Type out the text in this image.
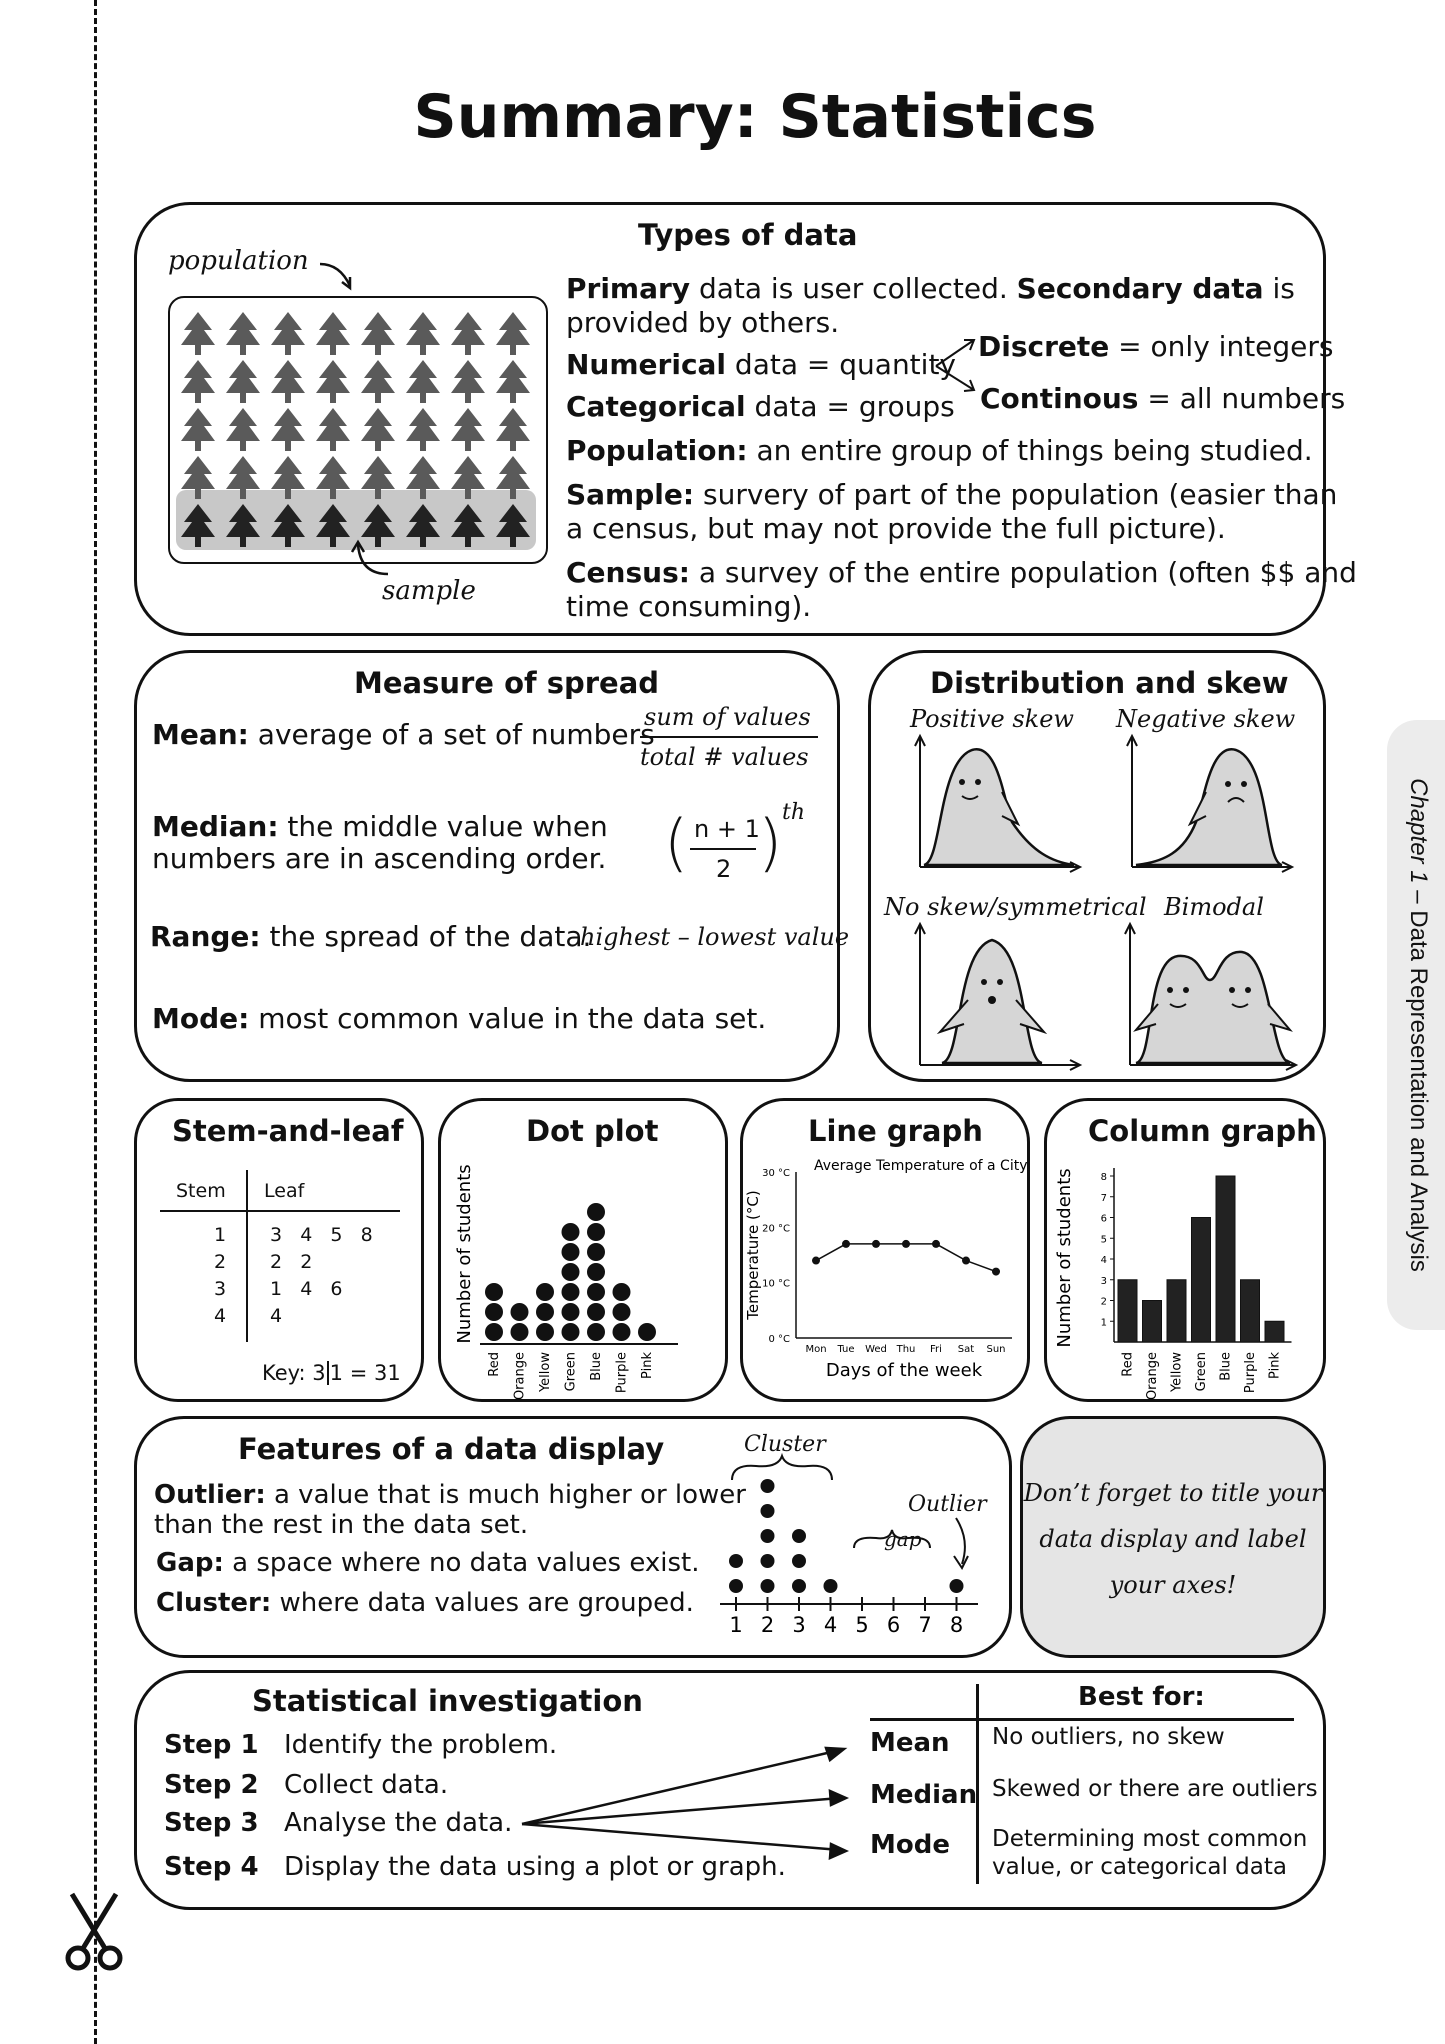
Summary: Statistics
Chapter 1 – Data Representation and Analysis
Types of data
population
sample
Primary data is user collected. Secondary data is
provided by others.
Numerical data = quantity
Categorical data = groups
Discrete = only integers
Continous = all numbers
Population: an entire group of things being studied.
Sample: survery of part of the population (easier than
a census, but may not provide the full picture).
Census: a survey of the entire population (often $$ and
time consuming).
Measure of spread
Mean: average of a set of numbers
sum of values
total # values
Median: the middle value when
numbers are in ascending order. ( n + 1
2 ) th
Range: the spread of the data.
highest – lowest value
Mode: most common value in the data set.
Distribution and skew
Positive skew Negative skew
No skew/symmetrical Bimodal
Stem-and-leaf
Stem Leaf
1 3   4   5   8
2 2   2
3 1   4   6
4 4
Key: 3 1 = 31
Dot plot
Number of students
Red Orange Yellow Green Blue Purple Pink
Line graph
Temperature (°C)
Average Temperature of a City
0 °C
10 °C
20 °C
30 °C
Mon Tue Wed Thu Fri Sat Sun
Days of the week
Column graph
Number of students	1
2
3
4
5
6
7
8
Red Orange Yellow Green Blue Purple Pink
Features of a data display
Outlier: a value that is much higher or lower
than the rest in the data set.
Gap: a space where no data values exist.
Cluster: where data values are grouped.
Cluster
gap
Outlier
1 2 3 4 5 6 7 8
Don’t forget to title your
data display and label
your axes!
Statistical investigation
Step 1 Identify the problem.
Step 2 Collect data.
Step 3 Analyse the data.
Step 4 Display the data using a plot or graph.
Best for:
Mean No outliers, no skew
Median Skewed or there are outliers
Mode Determining most common
value, or categorical data
